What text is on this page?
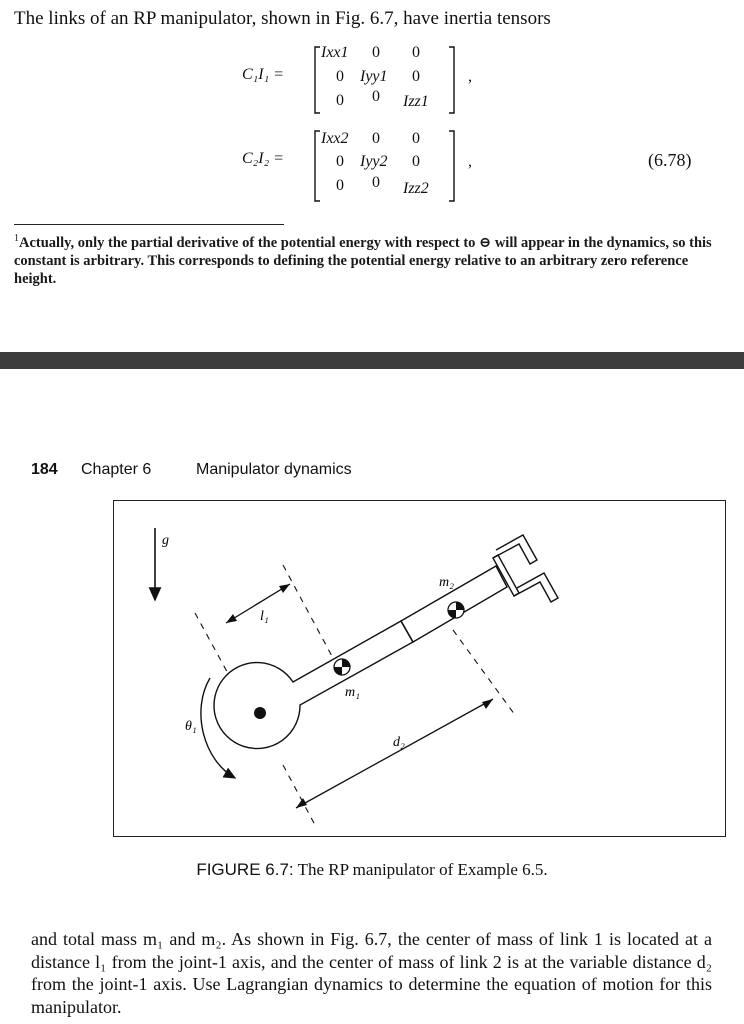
The links of an RP manipulator, shown in Fig. 6.7, have inertia tensors
C₁I₁ =
Ixx1 0 0
0 Iyy1 0
0 0 Izz1
,
C₂I₂ =
Ixx2 0 0
0 Iyy2 0
0 0 Izz2
,	(6.78)
$^1$Actually, only the partial derivative of the potential energy with respect to ⊖ will appear in the dynamics, so this constant is arbitrary. This corresponds to defining the potential energy relative to an arbitrary zero reference height.
184 Chapter 6	Manipulator dynamics
g
l₁
d₂
θ₁
m₁
m₂
FIGURE 6.7: The RP manipulator of Example 6.5.
and total mass m₁ and m₂. As shown in Fig. 6.7, the center of mass of link 1 is located at a distance l₁ from the joint-1 axis, and the center of mass of link 2 is at the variable distance d₂ from the joint-1 axis. Use Lagrangian dynamics to determine the equation of motion for this manipulator.
